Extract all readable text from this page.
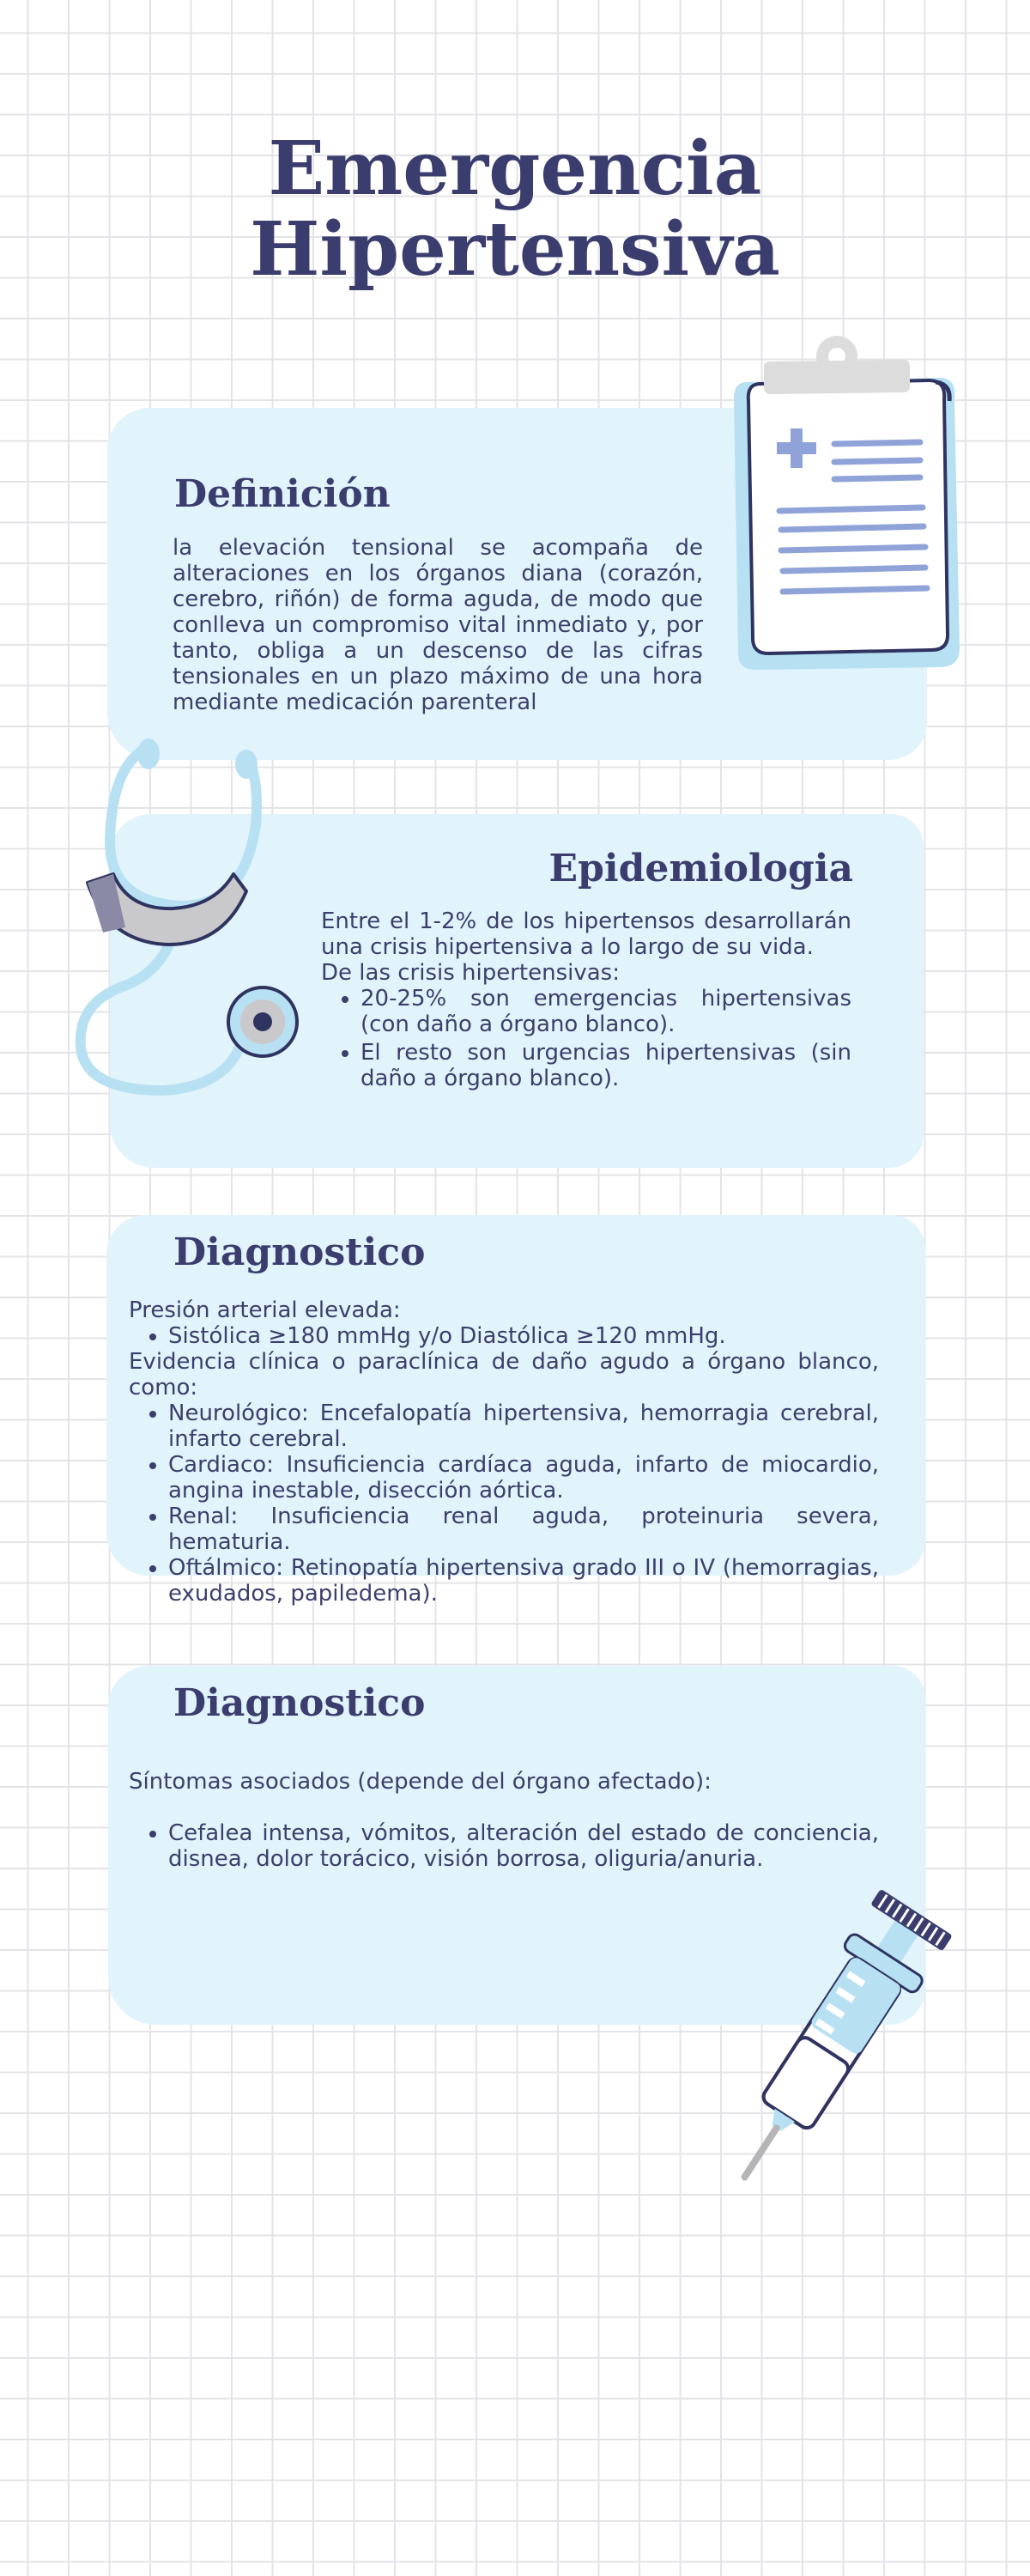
Emergencia Hipertensiva
Definición

la elevación tensional se acompaña de alteraciones en los órganos diana (corazón, cerebro, riñón) de forma aguda, de modo que conlleva un compromiso vital inmediato y, por tanto, obliga a un descenso de las cifras tensionales en un plazo máximo de una hora mediante medicación parenteral

Epidemiologia

Entre el 1-2% de los hipertensos desarrollarán una crisis hipertensiva a lo largo de su vida.

De las crisis hipertensivas:

• 20-25% son emergencias hipertensivas (con daño a órgano blanco).
• El resto son urgencias hipertensivas (sin daño a órgano blanco).
Diagnostico

Presión arterial elevada:

• Sistólica ≥180 mmHg y/o Diastólica ≥120 mmHg.

Evidencia clínica o paraclínica de daño agudo a órgano blanco, como:

• Neurológico: Encefalopatía hipertensiva, hemorragia cerebral, infarto cerebral.
• Cardiaco: Insuficiencia cardíaca aguda, infarto de miocardio, angina inestable, disección aórtica.
• Renal: Insuficiencia renal aguda, proteinuria severa, hematuria.
• Oftálmico: Retinopatía hipertensiva grado III o IV (hemorragias, exudados, papiledema).
Diagnostico

Síntomas asociados (depende del órgano afectado):

• Cefalea intensa, vómitos, alteración del estado de conciencia, disnea, dolor torácico, visión borrosa, oliguria/anuria.
